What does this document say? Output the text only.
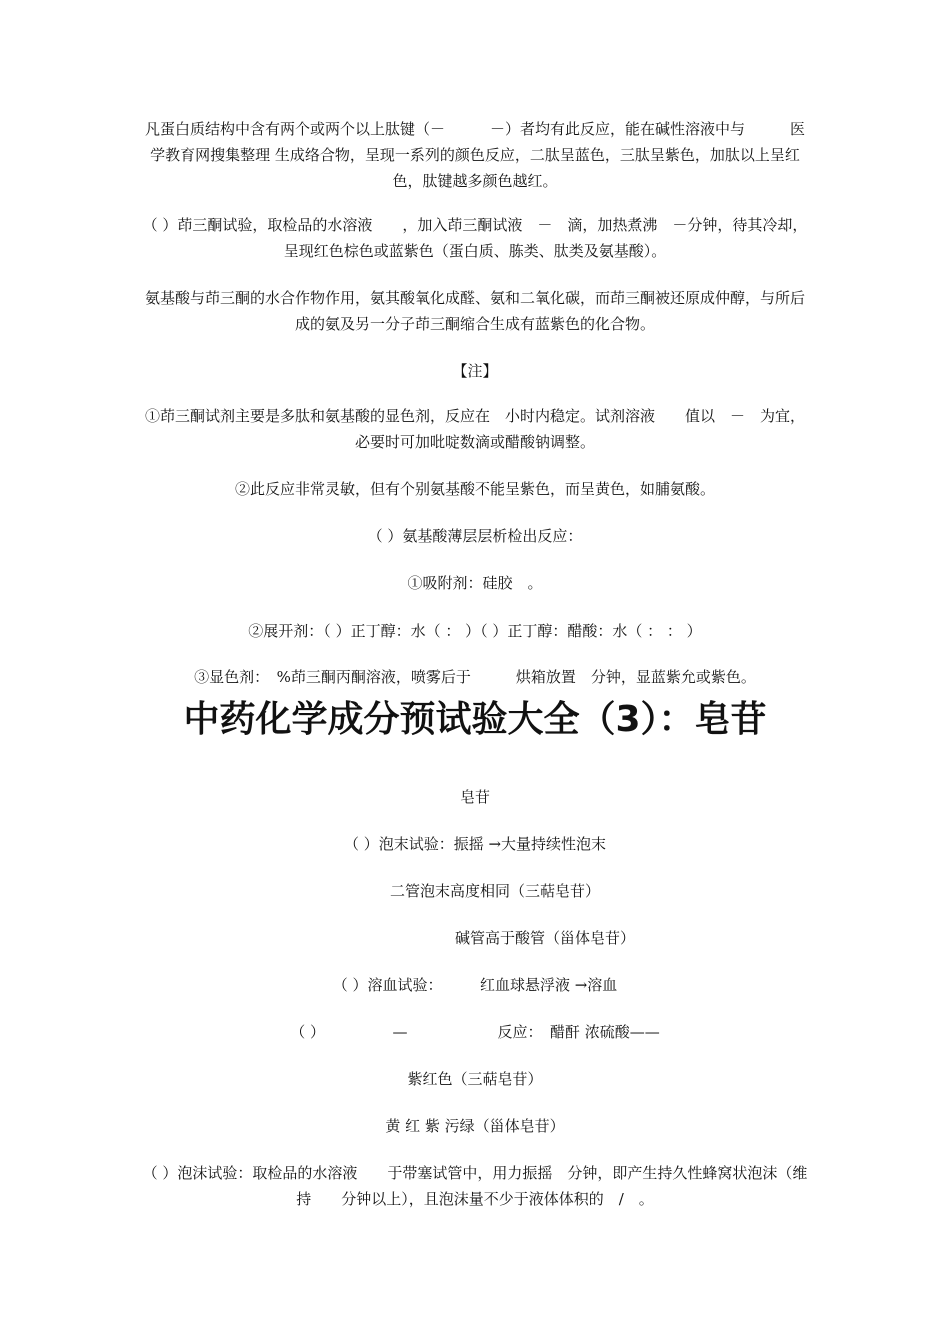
凡蛋白质结构中含有两个或两个以上肽键（－　　　－）者均有此反应，能在碱性溶液中与　　　医 学教育网搜集整理 生成络合物，呈现一系列的颜色反应，二肽呈蓝色，三肽呈紫色，加肽以上呈红色，肽键越多颜色越红。

（ ）茚三酮试验，取检品的水溶液　　，加入茚三酮试液　－　滴，加热煮沸　－分钟，待其冷却，呈现红色棕色或蓝紫色（蛋白质、胨类、肽类及氨基酸）。

氨基酸与茚三酮的水合作物作用，氨其酸氧化成醛、氨和二氧化碳，而茚三酮被还原成仲醇，与所后成的氨及另一分子茚三酮缩合生成有蓝紫色的化合物。

【注】

①茚三酮试剂主要是多肽和氨基酸的显色剂，反应在　小时内稳定。试剂溶液　　值以　－　为宜，必要时可加吡啶数滴或醋酸钠调整。

②此反应非常灵敏，但有个别氨基酸不能呈紫色，而呈黄色，如脯氨酸。

（ ）氨基酸薄层层析检出反应：

①吸附剂：硅胶　。

②展开剂：（ ）正丁醇：水（ ： ）（ ）正丁醇：醋酸：水（ ： ： ）

③显色剂：　%茚三酮丙酮溶液，喷雾后于　　　烘箱放置　分钟，显蓝紫允或紫色。

中药化学成分预试验大全（3）：皂苷

皂苷

（ ）泡末试验：振摇 →大量持续性泡末

二管泡末高度相同（三萜皂苷）

碱管高于酸管（甾体皂苷）

（ ）溶血试验：　　　红血球悬浮液 →溶血

（ ）　　　　　—　　　　　　反应：　醋酐 浓硫酸——

紫红色（三萜皂苷）

黄 红 紫 污绿（甾体皂苷）

（ ）泡沫试验：取检品的水溶液　　于带塞试管中，用力振摇　分钟，即产生持久性蜂窝状泡沫（维持　　分钟以上），且泡沫量不少于液体体积的　/　。
